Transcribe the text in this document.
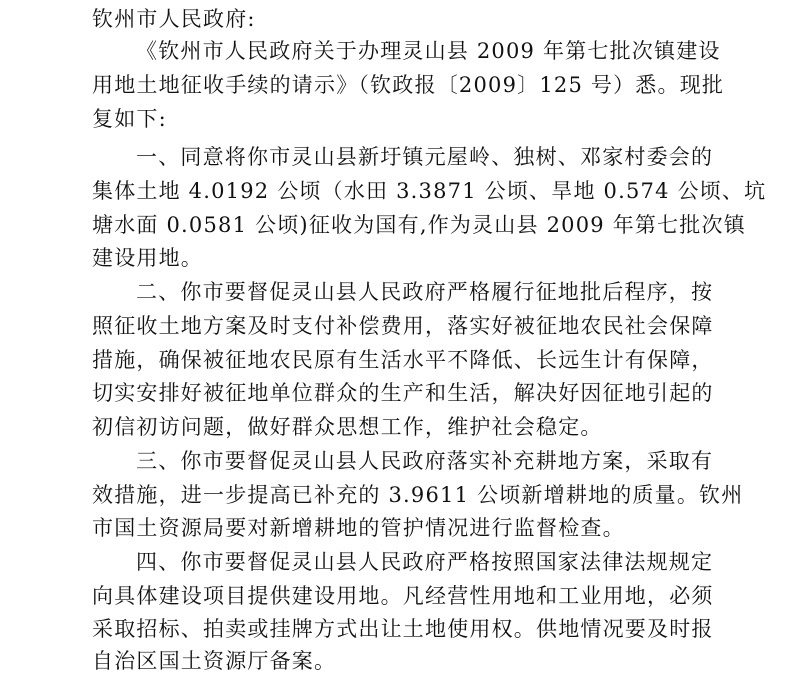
钦州市人民政府:
《钦州市人民政府关于办理灵山县 2009 年第七批次镇建设
用地土地征收手续的请示》（钦政报〔2009〕125 号）悉。现批
复如下:
一、同意将你市灵山县新圩镇元屋岭、独树、邓家村委会的
集体土地 4.0192 公顷（水田 3.3871 公顷、旱地 0.574 公顷、坑
塘水面 0.0581 公顷)征收为国有,作为灵山县 2009 年第七批次镇
建设用地。
二、你市要督促灵山县人民政府严格履行征地批后程序，按
照征收土地方案及时支付补偿费用，落实好被征地农民社会保障
措施，确保被征地农民原有生活水平不降低、长远生计有保障，
切实安排好被征地单位群众的生产和生活，解决好因征地引起的
初信初访问题，做好群众思想工作，维护社会稳定。
三、你市要督促灵山县人民政府落实补充耕地方案，采取有
效措施，进一步提高已补充的 3.9611 公顷新增耕地的质量。钦州
市国土资源局要对新增耕地的管护情况进行监督检查。
四、你市要督促灵山县人民政府严格按照国家法律法规规定
向具体建设项目提供建设用地。凡经营性用地和工业用地，必须
采取招标、拍卖或挂牌方式出让土地使用权。供地情况要及时报
自治区国土资源厅备案。
